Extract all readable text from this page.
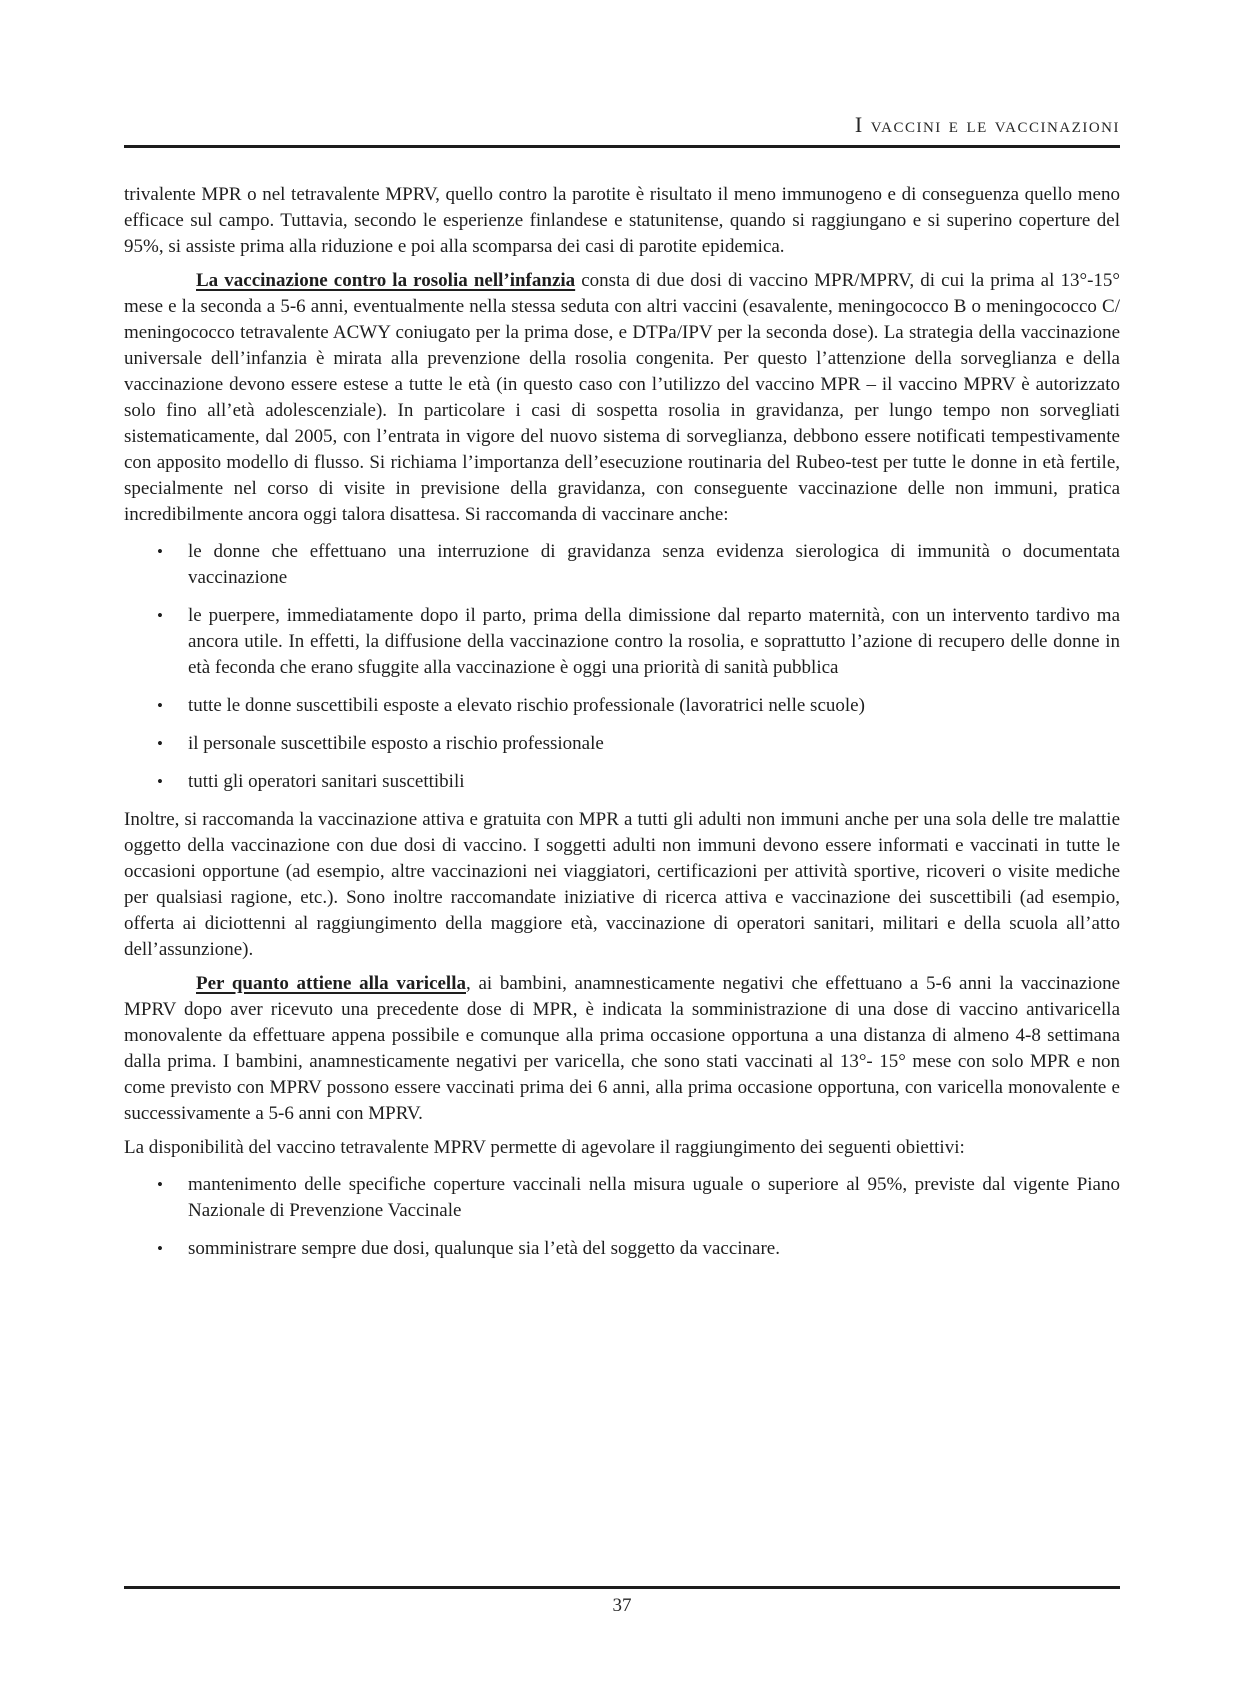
I vaccini e le vaccinazioni

trivalente MPR o nel tetravalente MPRV, quello contro la parotite è risultato il meno immunogeno e di conseguenza quello meno efficace sul campo. Tuttavia, secondo le esperienze finlandese e statunitense, quando si raggiungano e si superino coperture del 95%, si assiste prima alla riduzione e poi alla scomparsa dei casi di parotite epidemica.

La vaccinazione contro la rosolia nell’infanzia consta di due dosi di vaccino MPR/MPRV, di cui la prima al 13°-15° mese e la seconda a 5-6 anni, eventualmente nella stessa seduta con altri vaccini (esavalente, meningococco B o meningococco C/ meningococco tetravalente ACWY coniugato per la prima dose, e DTPa/IPV per la seconda dose). La strategia della vaccinazione universale dell’infanzia è mirata alla prevenzione della rosolia congenita. Per questo l’attenzione della sorveglianza e della vaccinazione devono essere estese a tutte le età (in questo caso con l’utilizzo del vaccino MPR – il vaccino MPRV è autorizzato solo fino all’età adolescenziale). In particolare i casi di sospetta rosolia in gravidanza, per lungo tempo non sorvegliati sistematicamente, dal 2005, con l’entrata in vigore del nuovo sistema di sorveglianza, debbono essere notificati tempestivamente con apposito modello di flusso. Si richiama l’importanza dell’esecuzione routinaria del Rubeo-test per tutte le donne in età fertile, specialmente nel corso di visite in previsione della gravidanza, con conseguente vaccinazione delle non immuni, pratica incredibilmente ancora oggi talora disattesa. Si raccomanda di vaccinare anche:

• le donne che effettuano una interruzione di gravidanza senza evidenza sierologica di immunità o documentata vaccinazione
• le puerpere, immediatamente dopo il parto, prima della dimissione dal reparto maternità, con un intervento tardivo ma ancora utile. In effetti, la diffusione della vaccinazione contro la rosolia, e soprattutto l’azione di recupero delle donne in età feconda che erano sfuggite alla vaccinazione è oggi una priorità di sanità pubblica
• tutte le donne suscettibili esposte a elevato rischio professionale (lavoratrici nelle scuole)
• il personale suscettibile esposto a rischio professionale
• tutti gli operatori sanitari suscettibili

Inoltre, si raccomanda la vaccinazione attiva e gratuita con MPR a tutti gli adulti non immuni anche per una sola delle tre malattie oggetto della vaccinazione con due dosi di vaccino. I soggetti adulti non immuni devono essere informati e vaccinati in tutte le occasioni opportune (ad esempio, altre vaccinazioni nei viaggiatori, certificazioni per attività sportive, ricoveri o visite mediche per qualsiasi ragione, etc.). Sono inoltre raccomandate iniziative di ricerca attiva e vaccinazione dei suscettibili (ad esempio, offerta ai diciottenni al raggiungimento della maggiore età, vaccinazione di operatori sanitari, militari e della scuola all’atto dell’assunzione).

Per quanto attiene alla varicella, ai bambini, anamnesticamente negativi che effettuano a 5-6 anni la vaccinazione MPRV dopo aver ricevuto una precedente dose di MPR, è indicata la somministrazione di una dose di vaccino antivaricella monovalente da effettuare appena possibile e comunque alla prima occasione opportuna a una distanza di almeno 4-8 settimana dalla prima. I bambini, anamnesticamente negativi per varicella, che sono stati vaccinati al 13°- 15° mese con solo MPR e non come previsto con MPRV possono essere vaccinati prima dei 6 anni, alla prima occasione opportuna, con varicella monovalente e successivamente a 5-6 anni con MPRV.

La disponibilità del vaccino tetravalente MPRV permette di agevolare il raggiungimento dei seguenti obiettivi:

• mantenimento delle specifiche coperture vaccinali nella misura uguale o superiore al 95%, previste dal vigente Piano Nazionale di Prevenzione Vaccinale
• somministrare sempre due dosi, qualunque sia l’età del soggetto da vaccinare.
37
